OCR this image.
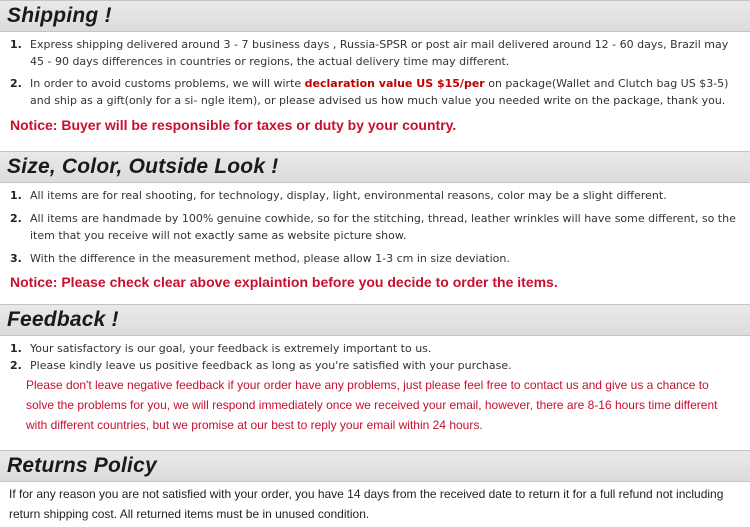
Shipping !
1. Express shipping delivered around 3 - 7 business days , Russia-SPSR or post air mail delivered around 12 - 60 days, Brazil may 45 - 90 days differences in countries or regions, the actual delivery time may different.
2. In order to avoid customs problems, we will wirte declaration value US $15/per on package(Wallet and Clutch bag US $3-5) and ship as a gift(only for a si- ngle item), or please advised us how much value you needed write on the package, thank you.
Notice: Buyer will be responsible for taxes or duty by your country.
Size, Color, Outside Look !
1. All items are for real shooting, for technology, display, light, environmental reasons, color may be a slight different.
2. All items are handmade by 100% genuine cowhide, so for the stitching, thread, leather wrinkles will have some different, so the item that you receive will not exactly same as website picture show.
3. With the difference in the measurement method, please allow 1-3 cm in size deviation.
Notice: Please check clear above explaintion before you decide to order the items.
Feedback !
1. Your satisfactory is our goal, your feedback is extremely important to us.
2. Please kindly leave us positive feedback as long as you're satisfied with your purchase.
Please don't leave negative feedback if your order have any problems, just please feel free to contact us and give us a chance to solve the problems for you, we will respond immediately once we received your email, however, there are 8-16 hours time different with different countries, but we promise at our best to reply your email within 24 hours.
Returns Policy
If for any reason you are not satisfied with your order, you have 14 days from the received date to return it for a full refund not including return shipping cost. All returned items must be in unused condition.
